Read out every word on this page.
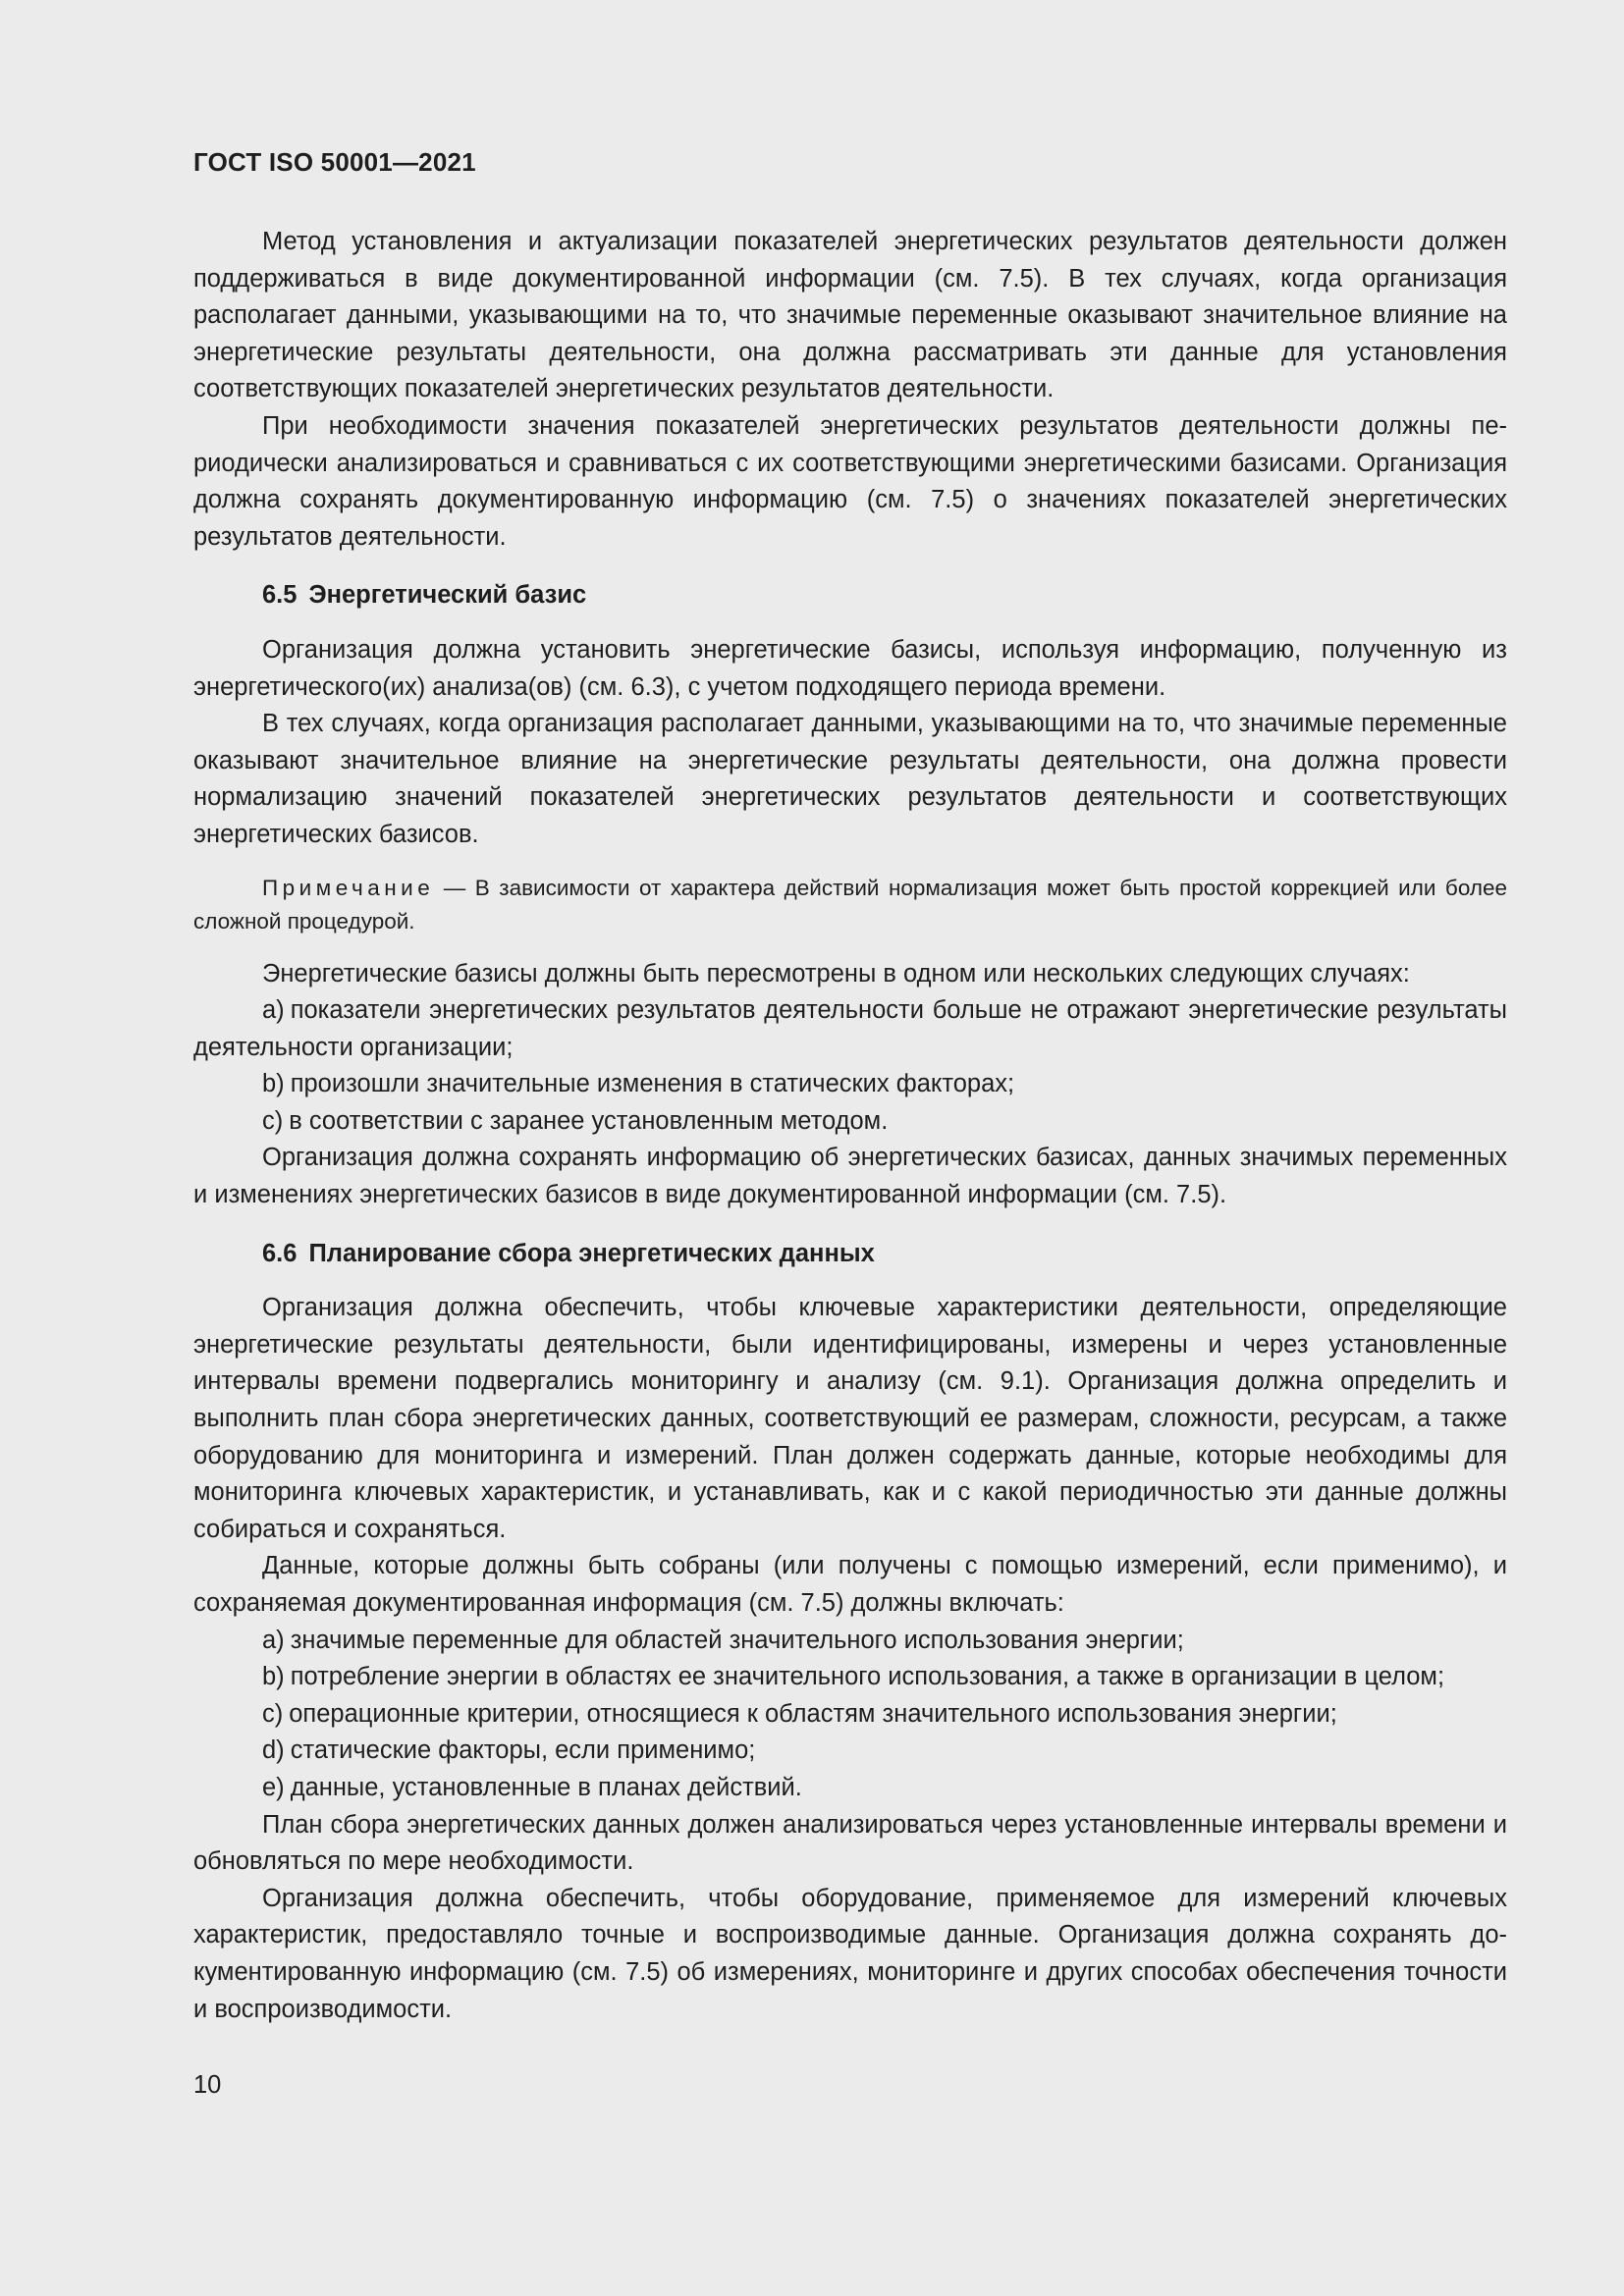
ГОСТ ISO 50001—2021

Метод установления и актуализации показателей энергетических результатов деятельности должен поддерживаться в виде документированной информации (см. 7.5). В тех случаях, когда организация располагает данными, указывающими на то, что значимые переменные оказывают значительное влияние на энергетические результаты деятельности, она должна рассматривать эти данные для установления соответствующих показателей энергетических результатов деятельности.

При необходимости значения показателей энергетических результатов деятельности должны периодически анализироваться и сравниваться с их соответствующими энергетическими базисами. Организация должна сохранять документированную информацию (см. 7.5) о значениях показателей энергетических результатов деятельности.

6.5 Энергетический базис

Организация должна установить энергетические базисы, используя информацию, полученную из энергетического(их) анализа(ов) (см. 6.3), с учетом подходящего периода времени.

В тех случаях, когда организация располагает данными, указывающими на то, что значимые переменные оказывают значительное влияние на энергетические результаты деятельности, она должна провести нормализацию значений показателей энергетических результатов деятельности и соответствующих энергетических базисов.

Примечание — В зависимости от характера действий нормализация может быть простой коррекцией или более сложной процедурой.

Энергетические базисы должны быть пересмотрены в одном или нескольких следующих случаях:

a) показатели энергетических результатов деятельности больше не отражают энергетические результаты деятельности организации;

b) произошли значительные изменения в статических факторах;

c) в соответствии с заранее установленным методом.

Организация должна сохранять информацию об энергетических базисах, данных значимых переменных и изменениях энергетических базисов в виде документированной информации (см. 7.5).

6.6 Планирование сбора энергетических данных

Организация должна обеспечить, чтобы ключевые характеристики деятельности, определяющие энергетические результаты деятельности, были идентифицированы, измерены и через установленные интервалы времени подвергались мониторингу и анализу (см. 9.1). Организация должна определить и выполнить план сбора энергетических данных, соответствующий ее размерам, сложности, ресурсам, а также оборудованию для мониторинга и измерений. План должен содержать данные, которые необходимы для мониторинга ключевых характеристик, и устанавливать, как и с какой периодичностью эти данные должны собираться и сохраняться.

Данные, которые должны быть собраны (или получены с помощью измерений, если применимо), и сохраняемая документированная информация (см. 7.5) должны включать:

a) значимые переменные для областей значительного использования энергии;

b) потребление энергии в областях ее значительного использования, а также в организации в целом;

c) операционные критерии, относящиеся к областям значительного использования энергии;

d) статические факторы, если применимо;

e) данные, установленные в планах действий.

План сбора энергетических данных должен анализироваться через установленные интервалы времени и обновляться по мере необходимости.

Организация должна обеспечить, чтобы оборудование, применяемое для измерений ключевых характеристик, предоставляло точные и воспроизводимые данные. Организация должна сохранять документированную информацию (см. 7.5) об измерениях, мониторинге и других способах обеспечения точности и воспроизводимости.

10
